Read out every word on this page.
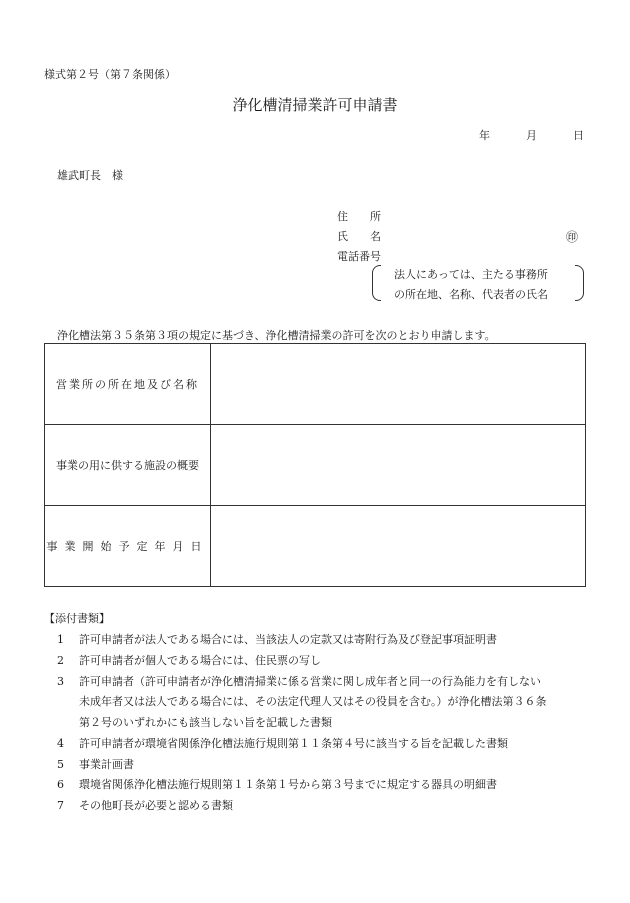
様式第２号（第７条関係）
浄化槽清掃業許可申請書
年	月	日
雄武町長　様
住　　所
氏　　名	㊞
電話番号
法人にあっては、主たる事務所
の所在地、名称、代表者の氏名
浄化槽法第３５条第３項の規定に基づき、浄化槽清掃業の許可を次のとおり申請します。
営業所の所在地及び名称	
事業の用に供する施設の概要	
事業開始予定年月日	
【添付書類】
1 許可申請者が法人である場合には、当該法人の定款又は寄附行為及び登記事項証明書
2 許可申請者が個人である場合には、住民票の写し
3 許可申請者（許可申請者が浄化槽清掃業に係る営業に関し成年者と同一の行為能力を有しない
未成年者又は法人である場合には、その法定代理人又はその役員を含む。）が浄化槽法第３６条
第２号のいずれかにも該当しない旨を記載した書類
4 許可申請者が環境省関係浄化槽法施行規則第１１条第４号に該当する旨を記載した書類
5 事業計画書
6 環境省関係浄化槽法施行規則第１１条第１号から第３号までに規定する器具の明細書
7 その他町長が必要と認める書類
